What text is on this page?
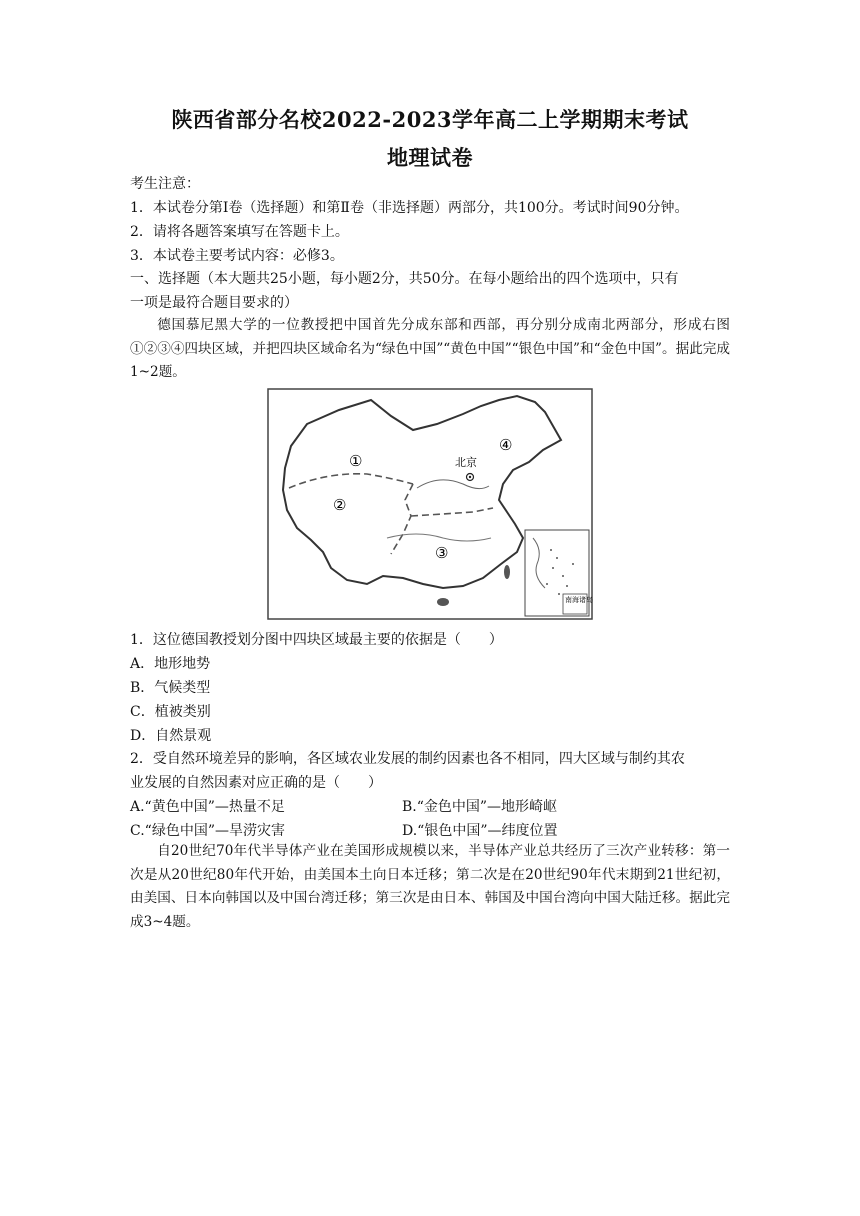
陕西省部分名校2022-2023学年高二上学期期末考试
地理试卷
考生注意：
1．本试卷分第Ⅰ卷（选择题）和第Ⅱ卷（非选择题）两部分，共100分。考试时间90分钟。
2．请将各题答案填写在答题卡上。
3．本试卷主要考试内容：必修3。
一、选择题（本大题共25小题，每小题2分，共50分。在每小题给出的四个选项中，只有
一项是最符合题目要求的）
德国慕尼黑大学的一位教授把中国首先分成东部和西部，再分别分成南北两部分，形成右图①②③④四块区域，并把四块区域命名为“绿色中国”“黄色中国”“银色中国”和“金色中国”。据此完成1~2题。
①
②
③
④
北京
南海诸岛
1．这位德国教授划分图中四块区域最主要的依据是（　　）
A．地形地势
B．气候类型
C．植被类别
D．自然景观
2．受自然环境差异的影响，各区域农业发展的制约因素也各不相同，四大区域与制约其农
业发展的自然因素对应正确的是（　　）
A.“黄色中国”—热量不足	B.“金色中国”—地形崎岖
C.“绿色中国”—旱涝灾害	D.“银色中国”—纬度位置
自20世纪70年代半导体产业在美国形成规模以来，半导体产业总共经历了三次产业转移：第一次是从20世纪80年代开始，由美国本土向日本迁移；第二次是在20世纪90年代末期到21世纪初，由美国、日本向韩国以及中国台湾迁移；第三次是由日本、韩国及中国台湾向中国大陆迁移。据此完成3~4题。
